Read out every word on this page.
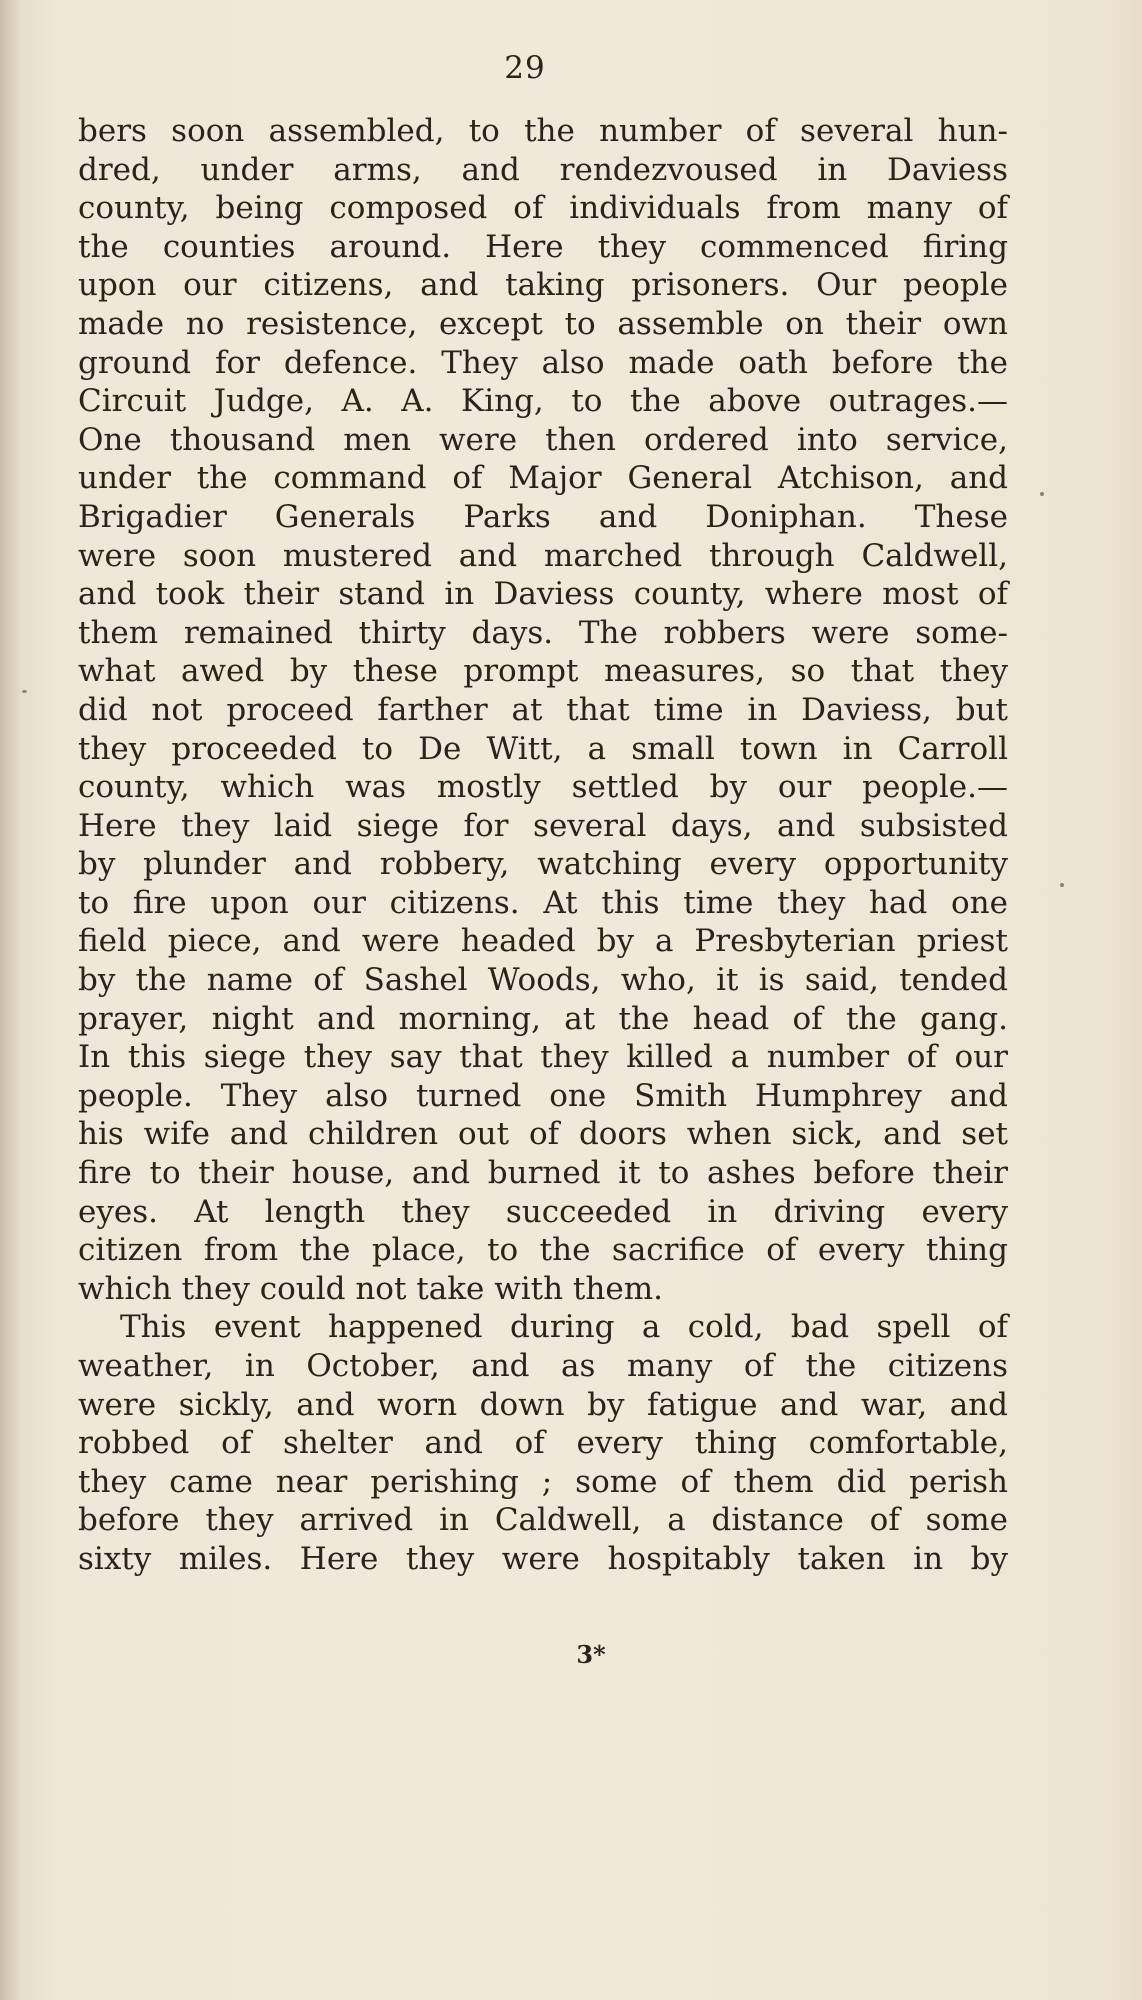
29
bers soon assembled, to the number of several hun-
dred, under arms, and rendezvoused in Daviess
county, being composed of individuals from many of
the counties around. Here they commenced firing
upon our citizens, and taking prisoners. Our people
made no resistence, except to assemble on their own
ground for defence. They also made oath before the
Circuit Judge, A. A. King, to the above outrages.—
One thousand men were then ordered into service,
under the command of Major General Atchison, and
Brigadier Generals Parks and Doniphan. These
were soon mustered and marched through Caldwell,
and took their stand in Daviess county, where most of
them remained thirty days. The robbers were some-
what awed by these prompt measures, so that they
did not proceed farther at that time in Daviess, but
they proceeded to De Witt, a small town in Carroll
county, which was mostly settled by our people.—
Here they laid siege for several days, and subsisted
by plunder and robbery, watching every opportunity
to fire upon our citizens. At this time they had one
field piece, and were headed by a Presbyterian priest
by the name of Sashel Woods, who, it is said, tended
prayer, night and morning, at the head of the gang.
In this siege they say that they killed a number of our
people. They also turned one Smith Humphrey and
his wife and children out of doors when sick, and set
fire to their house, and burned it to ashes before their
eyes. At length they succeeded in driving every
citizen from the place, to the sacrifice of every thing
which they could not take with them.
This event happened during a cold, bad spell of
weather, in October, and as many of the citizens
were sickly, and worn down by fatigue and war, and
robbed of shelter and of every thing comfortable,
they came near perishing ; some of them did perish
before they arrived in Caldwell, a distance of some
sixty miles. Here they were hospitably taken in by
3*
